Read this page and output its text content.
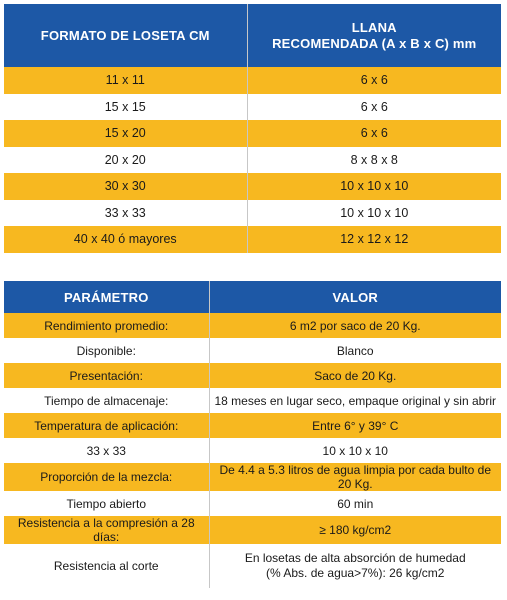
FORMATO DE LOSETA CM	LLANA
RECOMENDADA (A x B x C) mm
11 x 11	6 x 6
15 x 15	6 x 6
15 x 20	6 x 6
20 x 20	8 x 8 x 8
30 x 30	10 x 10 x 10
33 x 33	10 x 10 x 10
40 x 40 ó mayores	12 x 12 x 12
PARÁMETRO	VALOR
Rendimiento promedio:	6 m2 por saco de 20 Kg.
Disponible:	Blanco
Presentación:	Saco de 20 Kg.
Tiempo de almacenaje:	18 meses en lugar seco, empaque original y sin abrir
Temperatura de aplicación:	Entre 6° y 39° C
33 x 33	10 x 10 x 10
Proporción de la mezcla:	De 4.4 a 5.3 litros de agua limpia por cada bulto de 20 Kg.
Tiempo abierto	60 min
Resistencia a la compresión a 28 días:	≥ 180 kg/cm2
Resistencia al corte	En losetas de alta absorción de humedad
(% Abs. de agua>7%): 26 kg/cm2
